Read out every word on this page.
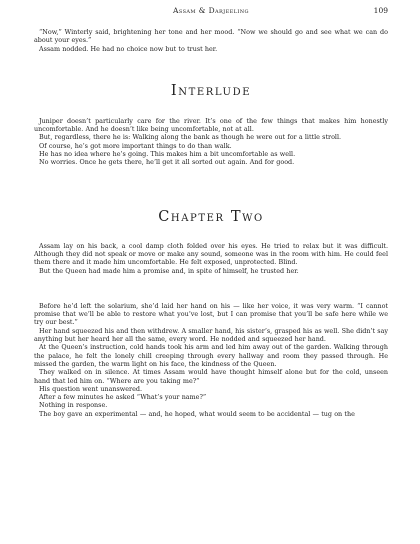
Assam & Darjeeling	109

“Now,” Winterly said, brightening her tone and her mood. “Now we should go and see what we can do about your eyes.”

Assam nodded. He had no choice now but to trust her.

Interlude

Juniper doesn’t particularly care for the river. It’s one of the few things that makes him honestly uncomfortable. And he doesn’t like being uncomfortable, not at all.

But, regardless, there he is: Walking along the bank as though he were out for a little stroll.

Of course, he’s got more important things to do than walk.

He has no idea where he’s going. This makes him a bit uncomfortable as well.

No worries. Once he gets there, he’ll get it all sorted out again. And for good.

Chapter Two

Assam lay on his back, a cool damp cloth folded over his eyes. He tried to relax but it was difficult. Although they did not speak or move or make any sound, someone was in the room with him. He could feel them there and it made him uncomfortable. He felt exposed, unprotected. Blind.

But the Queen had made him a promise and, in spite of himself, he trusted her.

Before he’d left the solarium, she’d laid her hand on his — like her voice, it was very warm. “I cannot promise that we’ll be able to restore what you’ve lost, but I can promise that you’ll be safe here while we try our best.”

Her hand squeezed his and then withdrew. A smaller hand, his sister’s, grasped his as well. She didn’t say anything but her heard her all the same, every word. He nodded and squeezed her hand.

At the Queen’s instruction, cold hands took his arm and led him away out of the garden. Walking through the palace, he felt the lonely chill creeping through every hallway and room they passed through. He missed the garden, the warm light on his face, the kindness of the Queen.

They walked on in silence. At times Assam would have thought himself alone but for the cold, unseen hand that led him on. “Where are you taking me?”

His question went unanswered.

After a few minutes he asked “What’s your name?”

Nothing in response.

The boy gave an experimental — and, he hoped, what would seem to be accidental — tug on the
